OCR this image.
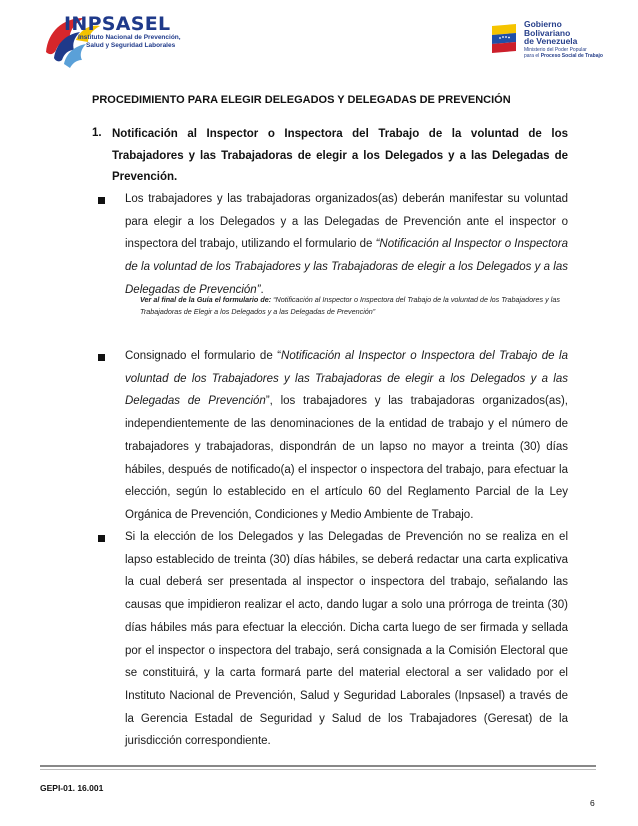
INPSASEL
Instituto Nacional de Prevención,
Salud y Seguridad Laborales
Gobierno
Bolivariano
de Venezuela
Ministerio del Poder Popular
para el Proceso Social de Trabajo
PROCEDIMIENTO PARA ELEGIR DELEGADOS Y DELEGADAS DE PREVENCIÓN
1. Notificación al Inspector o Inspectora del Trabajo de la voluntad de los Trabajadores y las Trabajadoras de elegir a los Delegados y a las Delegadas de Prevención.
Los trabajadores y las trabajadoras organizados(as) deberán manifestar su voluntad para elegir a los Delegados y a las Delegadas de Prevención ante el inspector o inspectora del trabajo, utilizando el formulario de “Notificación al Inspector o Inspectora de la voluntad de los Trabajadores y las Trabajadoras de elegir a los Delegados y a las Delegadas de Prevención”.
Ver al final de la Guía el formulario de: “Notificación al Inspector o Inspectora del Trabajo de la voluntad de los Trabajadores y las Trabajadoras de Elegir a los Delegados y a las Delegadas de Prevención”
Consignado el formulario de “Notificación al Inspector o Inspectora del Trabajo de la voluntad de los Trabajadores y las Trabajadoras de elegir a los Delegados y a las Delegadas de Prevención”, los trabajadores y las trabajadoras organizados(as), independientemente de las denominaciones de la entidad de trabajo y el número de trabajadores y trabajadoras, dispondrán de un lapso no mayor a treinta (30) días hábiles, después de notificado(a) el inspector o inspectora del trabajo, para efectuar la elección, según lo establecido en el artículo 60 del Reglamento Parcial de la Ley Orgánica de Prevención, Condiciones y Medio Ambiente de Trabajo.
Si la elección de los Delegados y las Delegadas de Prevención no se realiza en el lapso establecido de treinta (30) días hábiles, se deberá redactar una carta explicativa la cual deberá ser presentada al inspector o inspectora del trabajo, señalando las causas que impidieron realizar el acto, dando lugar a solo una prórroga de treinta (30) días hábiles más para efectuar la elección. Dicha carta luego de ser firmada y sellada por el inspector o inspectora del trabajo, será consignada a la Comisión Electoral que se constituirá, y la carta formará parte del material electoral a ser validado por el Instituto Nacional de Prevención, Salud y Seguridad Laborales (Inpsasel) a través de la Gerencia Estadal de Seguridad y Salud de los Trabajadores (Geresat) de la jurisdicción correspondiente.
GEPI-01. 16.001
6
